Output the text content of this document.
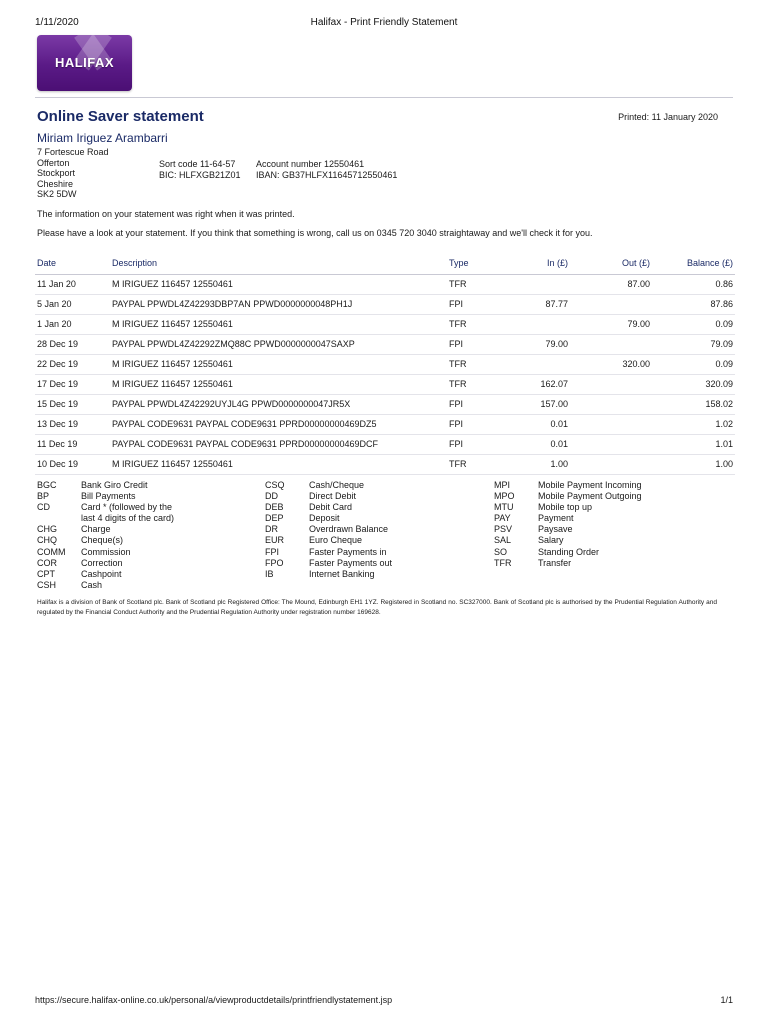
1/11/2020	Halifax - Print Friendly Statement
HALIFAX
Online Saver statement	Printed: 11 January 2020
Miriam Iriguez Arambarri
7 Fortescue Road
Offerton
Stockport
Cheshire
SK2 5DW
Sort code 11-64-57
BIC: HLFXGB21Z01
Account number 12550461
IBAN: GB37HLFX11645712550461
The information on your statement was right when it was printed.
Please have a look at your statement. If you think that something is wrong, call us on 0345 720 3040 straightaway and we'll check it for you.
Date	Description	Type	In (£)	Out (£)	Balance (£)
11 Jan 20	M IRIGUEZ 116457 12550461	TFR		87.00	0.86
5 Jan 20	PAYPAL PPWDL4Z42293DBP7AN PPWD0000000048PH1J	FPI	87.77		87.86
1 Jan 20	M IRIGUEZ 116457 12550461	TFR		79.00	0.09
28 Dec 19	PAYPAL PPWDL4Z42292ZMQ88C PPWD0000000047SAXP	FPI	79.00		79.09
22 Dec 19	M IRIGUEZ 116457 12550461	TFR		320.00	0.09
17 Dec 19	M IRIGUEZ 116457 12550461	TFR	162.07		320.09
15 Dec 19	PAYPAL PPWDL4Z42292UYJL4G PPWD0000000047JR5X	FPI	157.00		158.02
13 Dec 19	PAYPAL CODE9631 PAYPAL CODE9631 PPRD00000000469DZ5	FPI	0.01		1.02
11 Dec 19	PAYPAL CODE9631 PAYPAL CODE9631 PPRD00000000469DCF	FPI	0.01		1.01
10 Dec 19	M IRIGUEZ 116457 12550461	TFR	1.00		1.00
BGC	Bank Giro Credit
BP	Bill Payments
CD	Card * (followed by the
last 4 digits of the card)
CHG	Charge
CHQ	Cheque(s)
COMM	Commission
COR	Correction
CPT	Cashpoint
CSH	Cash
CSQ	Cash/Cheque
DD	Direct Debit
DEB	Debit Card
DEP	Deposit
DR	Overdrawn Balance
EUR	Euro Cheque
FPI	Faster Payments in
FPO	Faster Payments out
IB	Internet Banking
MPI	Mobile Payment Incoming
MPO	Mobile Payment Outgoing
MTU	Mobile top up
PAY	Payment
PSV	Paysave
SAL	Salary
SO	Standing Order
TFR	Transfer
Halifax is a division of Bank of Scotland plc. Bank of Scotland plc Registered Office: The Mound, Edinburgh EH1 1YZ. Registered in Scotland no. SC327000. Bank of Scotland plc is authorised by the Prudential Regulation Authority and regulated by the Financial Conduct Authority and the Prudential Regulation Authority under registration number 169628.
https://secure.halifax-online.co.uk/personal/a/viewproductdetails/printfriendlystatement.jsp	1/1
